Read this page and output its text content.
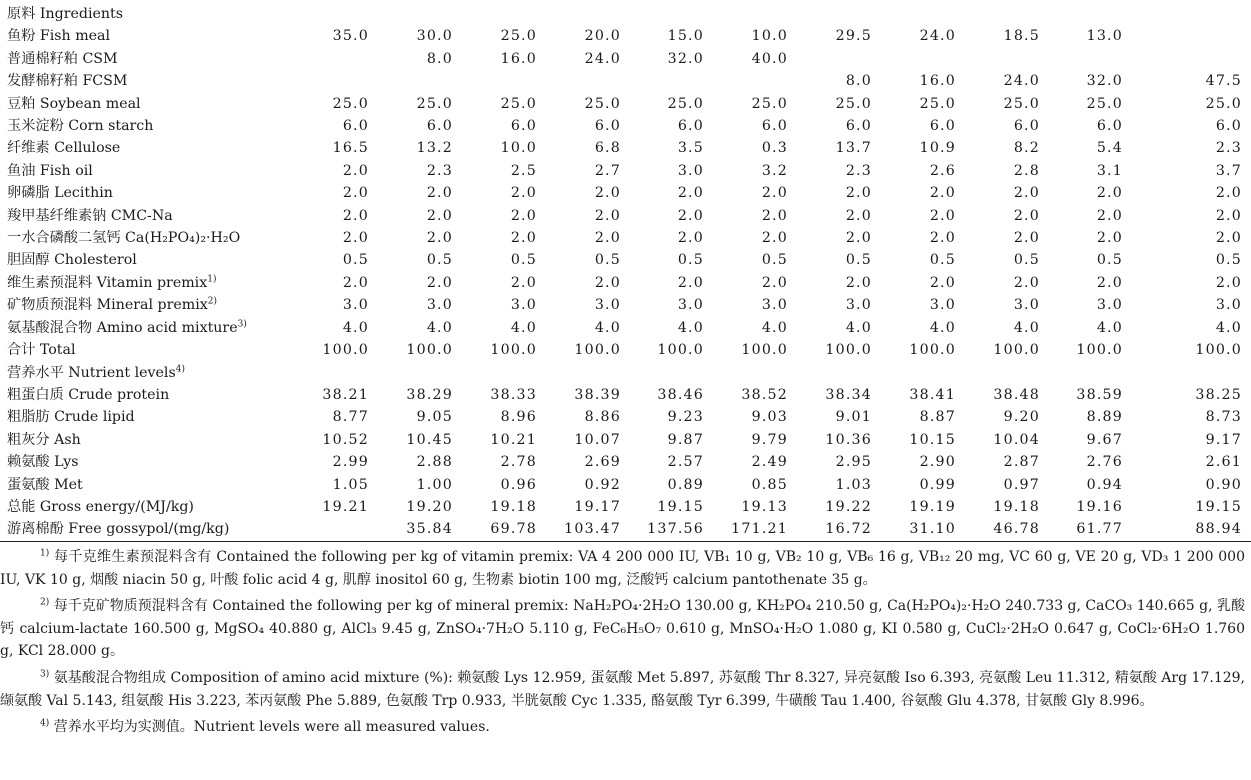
原料 Ingredients											
鱼粉 Fish meal	35.0	30.0	25.0	20.0	15.0	10.0	29.5	24.0	18.5	13.0	
普通棉籽粕 CSM		8.0	16.0	24.0	32.0	40.0					
发酵棉籽粕 FCSM							8.0	16.0	24.0	32.0	47.5
豆粕 Soybean meal	25.0	25.0	25.0	25.0	25.0	25.0	25.0	25.0	25.0	25.0	25.0
玉米淀粉 Corn starch	6.0	6.0	6.0	6.0	6.0	6.0	6.0	6.0	6.0	6.0	6.0
纤维素 Cellulose	16.5	13.2	10.0	6.8	3.5	0.3	13.7	10.9	8.2	5.4	2.3
鱼油 Fish oil	2.0	2.3	2.5	2.7	3.0	3.2	2.3	2.6	2.8	3.1	3.7
卵磷脂 Lecithin	2.0	2.0	2.0	2.0	2.0	2.0	2.0	2.0	2.0	2.0	2.0
羧甲基纤维素钠 CMC-Na	2.0	2.0	2.0	2.0	2.0	2.0	2.0	2.0	2.0	2.0	2.0
一水合磷酸二氢钙 Ca(H₂PO₄)₂·H₂O	2.0	2.0	2.0	2.0	2.0	2.0	2.0	2.0	2.0	2.0	2.0
胆固醇 Cholesterol	0.5	0.5	0.5	0.5	0.5	0.5	0.5	0.5	0.5	0.5	0.5
维生素预混料 Vitamin premix$^{1)}$	2.0	2.0	2.0	2.0	2.0	2.0	2.0	2.0	2.0	2.0	2.0
矿物质预混料 Mineral premix$^{2)}$	3.0	3.0	3.0	3.0	3.0	3.0	3.0	3.0	3.0	3.0	3.0
氨基酸混合物 Amino acid mixture$^{3)}$	4.0	4.0	4.0	4.0	4.0	4.0	4.0	4.0	4.0	4.0	4.0
合计 Total	100.0	100.0	100.0	100.0	100.0	100.0	100.0	100.0	100.0	100.0	100.0
营养水平 Nutrient levels$^{4)}$											
粗蛋白质 Crude protein	38.21	38.29	38.33	38.39	38.46	38.52	38.34	38.41	38.48	38.59	38.25
粗脂肪 Crude lipid	8.77	9.05	8.96	8.86	9.23	9.03	9.01	8.87	9.20	8.89	8.73
粗灰分 Ash	10.52	10.45	10.21	10.07	9.87	9.79	10.36	10.15	10.04	9.67	9.17
赖氨酸 Lys	2.99	2.88	2.78	2.69	2.57	2.49	2.95	2.90	2.87	2.76	2.61
蛋氨酸 Met	1.05	1.00	0.96	0.92	0.89	0.85	1.03	0.99	0.97	0.94	0.90
总能 Gross energy/(MJ/kg)	19.21	19.20	19.18	19.17	19.15	19.13	19.22	19.19	19.18	19.16	19.15
游离棉酚 Free gossypol/(mg/kg)		35.84	69.78	103.47	137.56	171.21	16.72	31.10	46.78	61.77	88.94

$^{1)}$ 每千克维生素预混料含有 Contained the following per kg of vitamin premix: VA 4 200 000 IU, VB₁ 10 g, VB₂ 10 g, VB₆ 16 g, VB₁₂ 20 mg, VC 60 g, VE 20 g, VD₃ 1 200 000 IU, VK 10 g, 烟酸 niacin 50 g, 叶酸 folic acid 4 g, 肌醇 inositol 60 g, 生物素 biotin 100 mg, 泛酸钙 calcium pantothenate 35 g。

$^{2)}$ 每千克矿物质预混料含有 Contained the following per kg of mineral premix: NaH₂PO₄·2H₂O 130.00 g, KH₂PO₄ 210.50 g, Ca(H₂PO₄)₂·H₂O 240.733 g, CaCO₃ 140.665 g, 乳酸钙 calcium-lactate 160.500 g, MgSO₄ 40.880 g, AlCl₃ 9.45 g, ZnSO₄·7H₂O 5.110 g, FeC₆H₅O₇ 0.610 g, MnSO₄·H₂O 1.080 g, KI 0.580 g, CuCl₂·2H₂O 0.647 g, CoCl₂·6H₂O 1.760 g, KCl 28.000 g。

$^{3)}$ 氨基酸混合物组成 Composition of amino acid mixture (%): 赖氨酸 Lys 12.959, 蛋氨酸 Met 5.897, 苏氨酸 Thr 8.327, 异亮氨酸 Iso 6.393, 亮氨酸 Leu 11.312, 精氨酸 Arg 17.129, 缬氨酸 Val 5.143, 组氨酸 His 3.223, 苯丙氨酸 Phe 5.889, 色氨酸 Trp 0.933, 半胱氨酸 Cyc 1.335, 酪氨酸 Tyr 6.399, 牛磺酸 Tau 1.400, 谷氨酸 Glu 4.378, 甘氨酸 Gly 8.996。

$^{4)}$ 营养水平均为实测值。Nutrient levels were all measured values.
